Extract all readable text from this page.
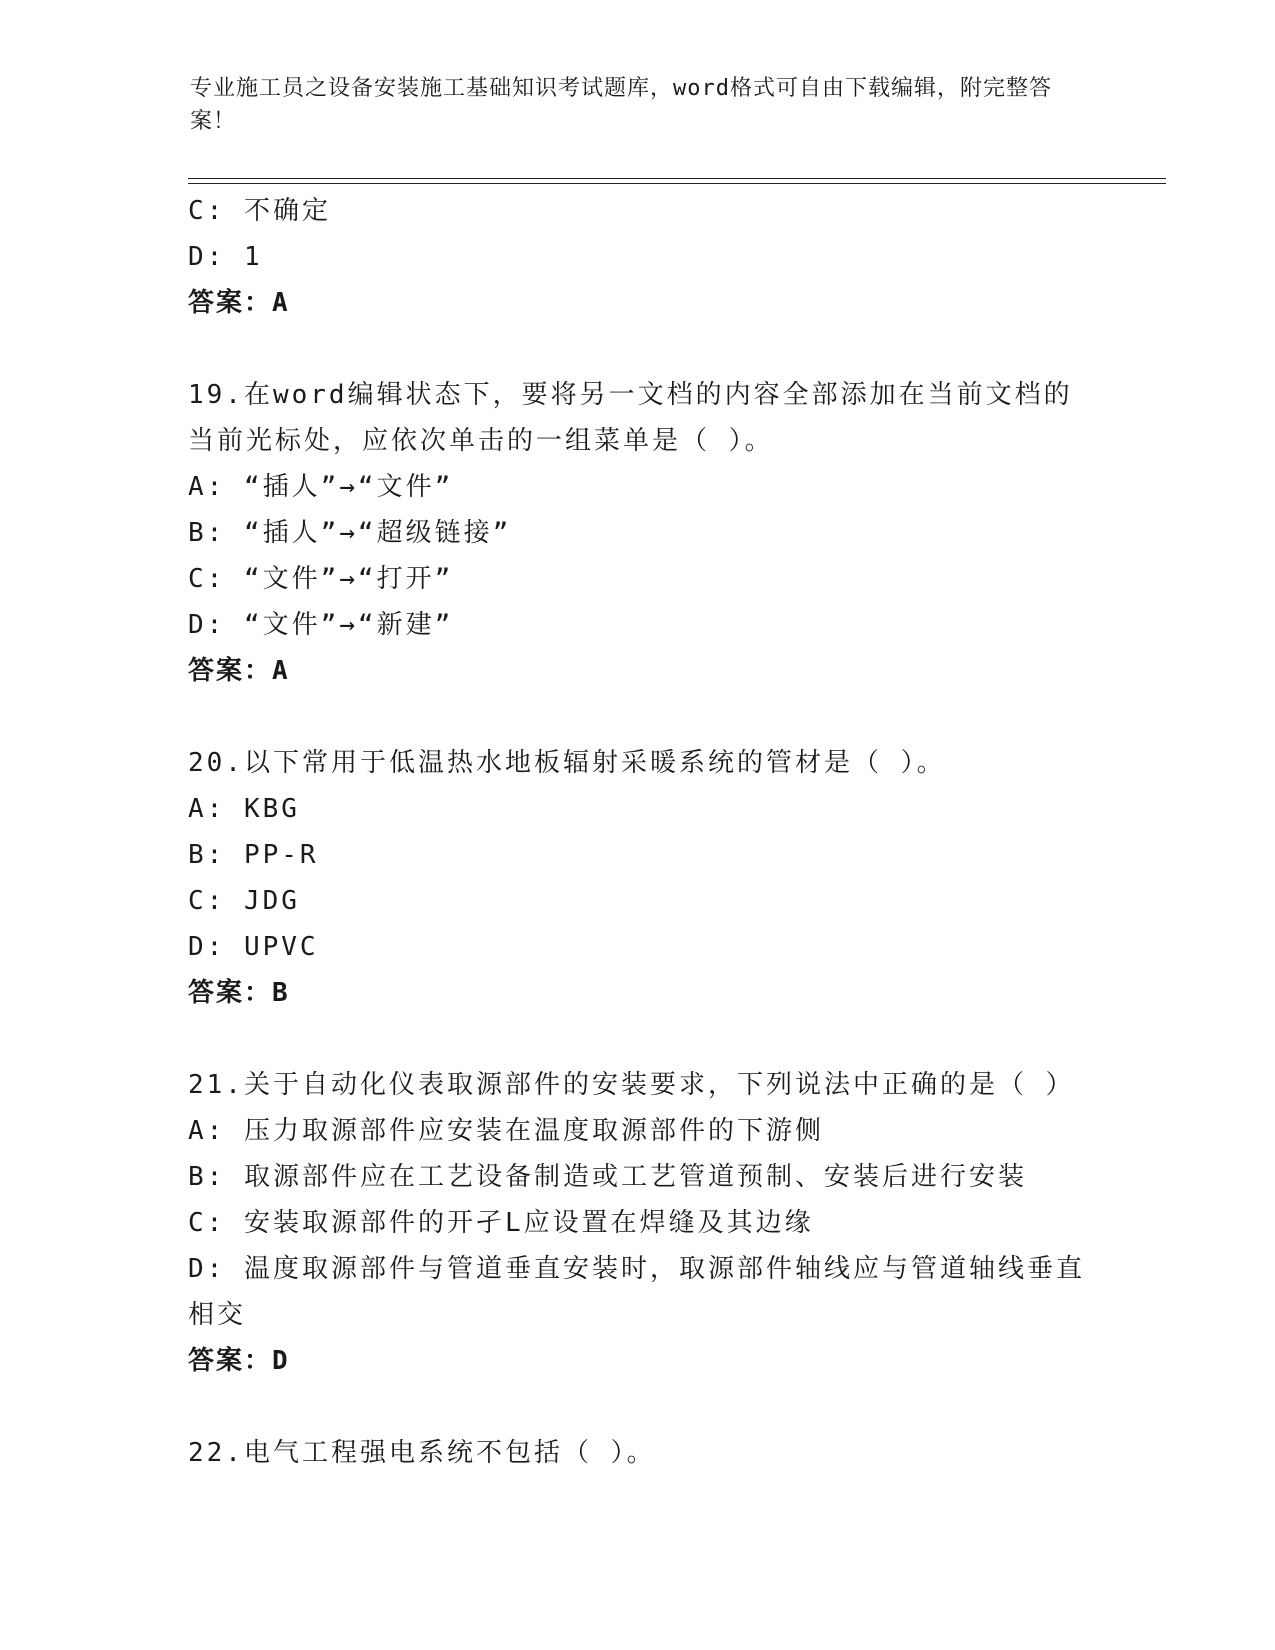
专业施工员之设备安装施工基础知识考试题库，word格式可自由下载编辑，附完整答案！
C: 不确定
D: 1
答案：A
19.在word编辑状态下，要将另一文档的内容全部添加在当前文档的
当前光标处，应依次单击的一组菜单是（ ）。
A: “插人”→“文件”
B: “插人”→“超级链接”
C: “文件”→“打开”
D: “文件”→“新建”
答案：A
20.以下常用于低温热水地板辐射采暖系统的管材是（ ）。
A: KBG
B: PP-R
C: JDG
D: UPVC
答案：B
21.关于自动化仪表取源部件的安装要求，下列说法中正确的是（ ）
A: 压力取源部件应安装在温度取源部件的下游侧
B: 取源部件应在工艺设备制造或工艺管道预制、安装后进行安装
C: 安装取源部件的开孑L应设置在焊缝及其边缘
D: 温度取源部件与管道垂直安装时，取源部件轴线应与管道轴线垂直
相交
答案：D
22.电气工程强电系统不包括（ ）。
